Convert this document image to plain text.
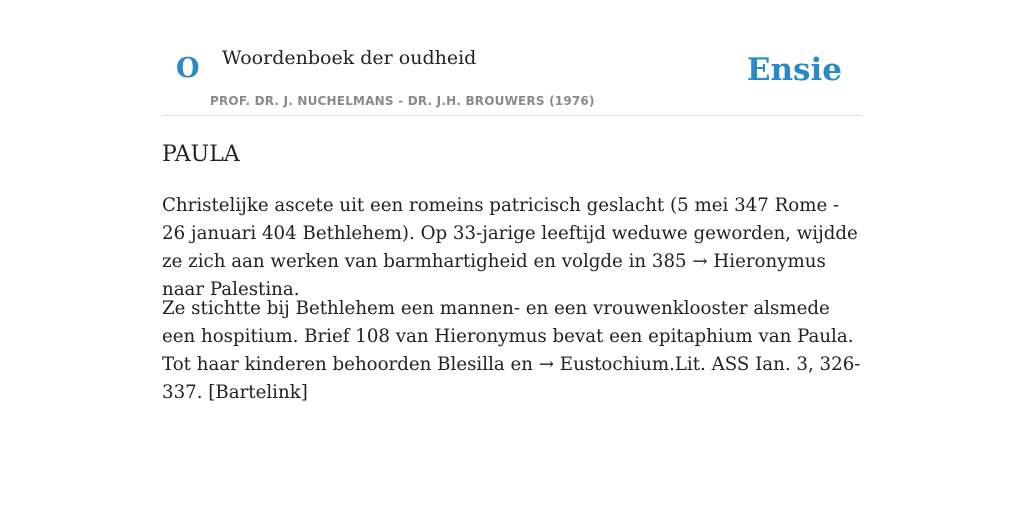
O Woordenboek der oudheid
PROF. DR. J. NUCHELMANS - DR. J.H. BROUWERS (1976)
Ensie
PAULA

Christelijke ascete uit een romeins patricisch geslacht (5 mei 347 Rome - 26 januari 404 Bethlehem). Op 33-jarige leeftijd weduwe geworden, wijdde ze zich aan werken van barmhartigheid en volgde in 385 → Hieronymus naar Palestina.

Ze stichtte bij Bethlehem een mannen- en een vrouwenklooster alsmede een hospitium. Brief 108 van Hieronymus bevat een epitaphium van Paula. Tot haar kinderen behoorden Blesilla en → Eustochium.Lit. ASS Ian. 3, 326-337. [Bartelink]
